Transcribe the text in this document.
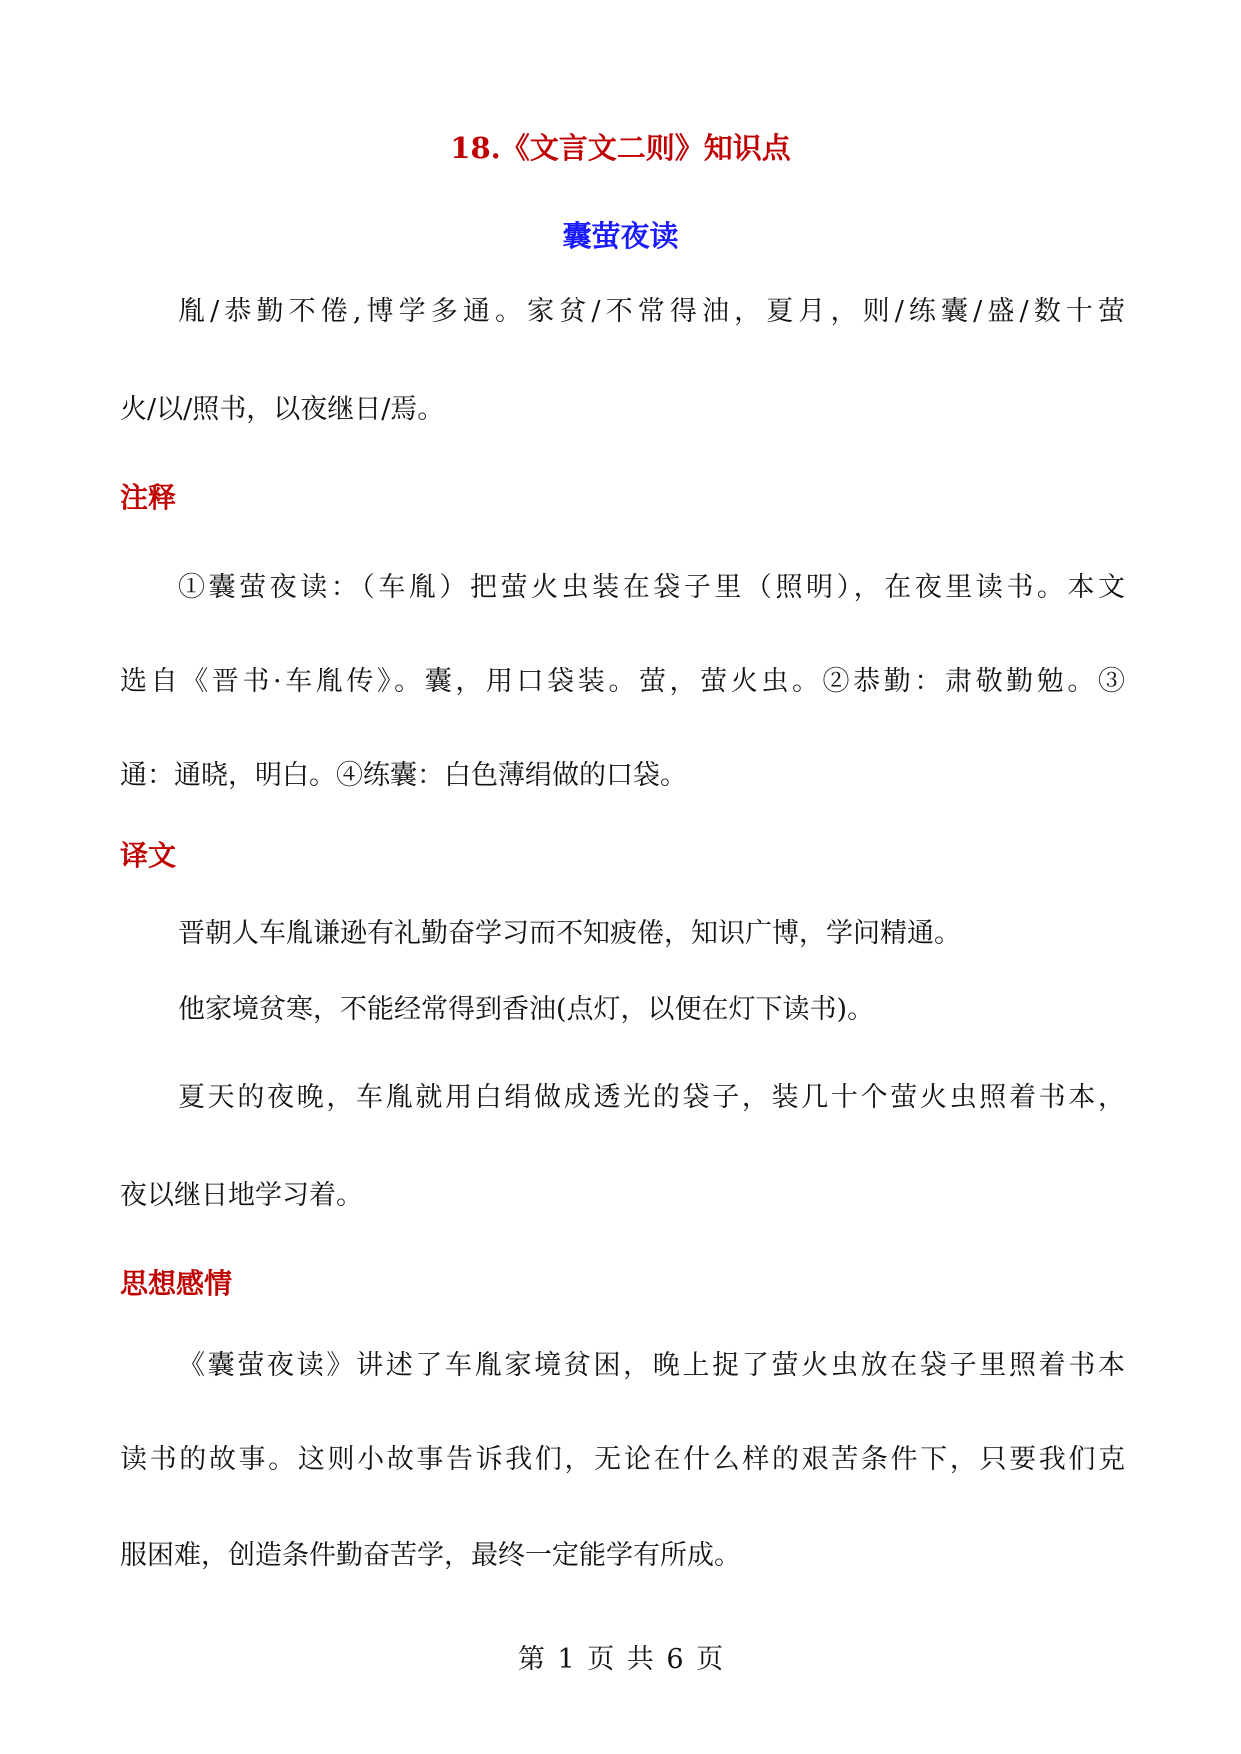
18.《文言文二则》知识点
囊萤夜读
胤/恭勤不倦,博学多通。家贫/不常得油，夏月，则/练囊/盛/数十萤
火/以/照书，以夜继日/焉。
注释
①囊萤夜读：（车胤）把萤火虫装在袋子里（照明），在夜里读书。本文
选自《晋书·车胤传》。囊，用口袋装。萤，萤火虫。②恭勤：肃敬勤勉。③
通：通晓，明白。④练囊：白色薄绢做的口袋。
译文
晋朝人车胤谦逊有礼勤奋学习而不知疲倦，知识广博，学问精通。
他家境贫寒，不能经常得到香油(点灯，以便在灯下读书)。
夏天的夜晚，车胤就用白绢做成透光的袋子，装几十个萤火虫照着书本，
夜以继日地学习着。
思想感情
《囊萤夜读》讲述了车胤家境贫困，晚上捉了萤火虫放在袋子里照着书本
读书的故事。这则小故事告诉我们，无论在什么样的艰苦条件下，只要我们克
服困难，创造条件勤奋苦学，最终一定能学有所成。
第 1 页 共 6 页
